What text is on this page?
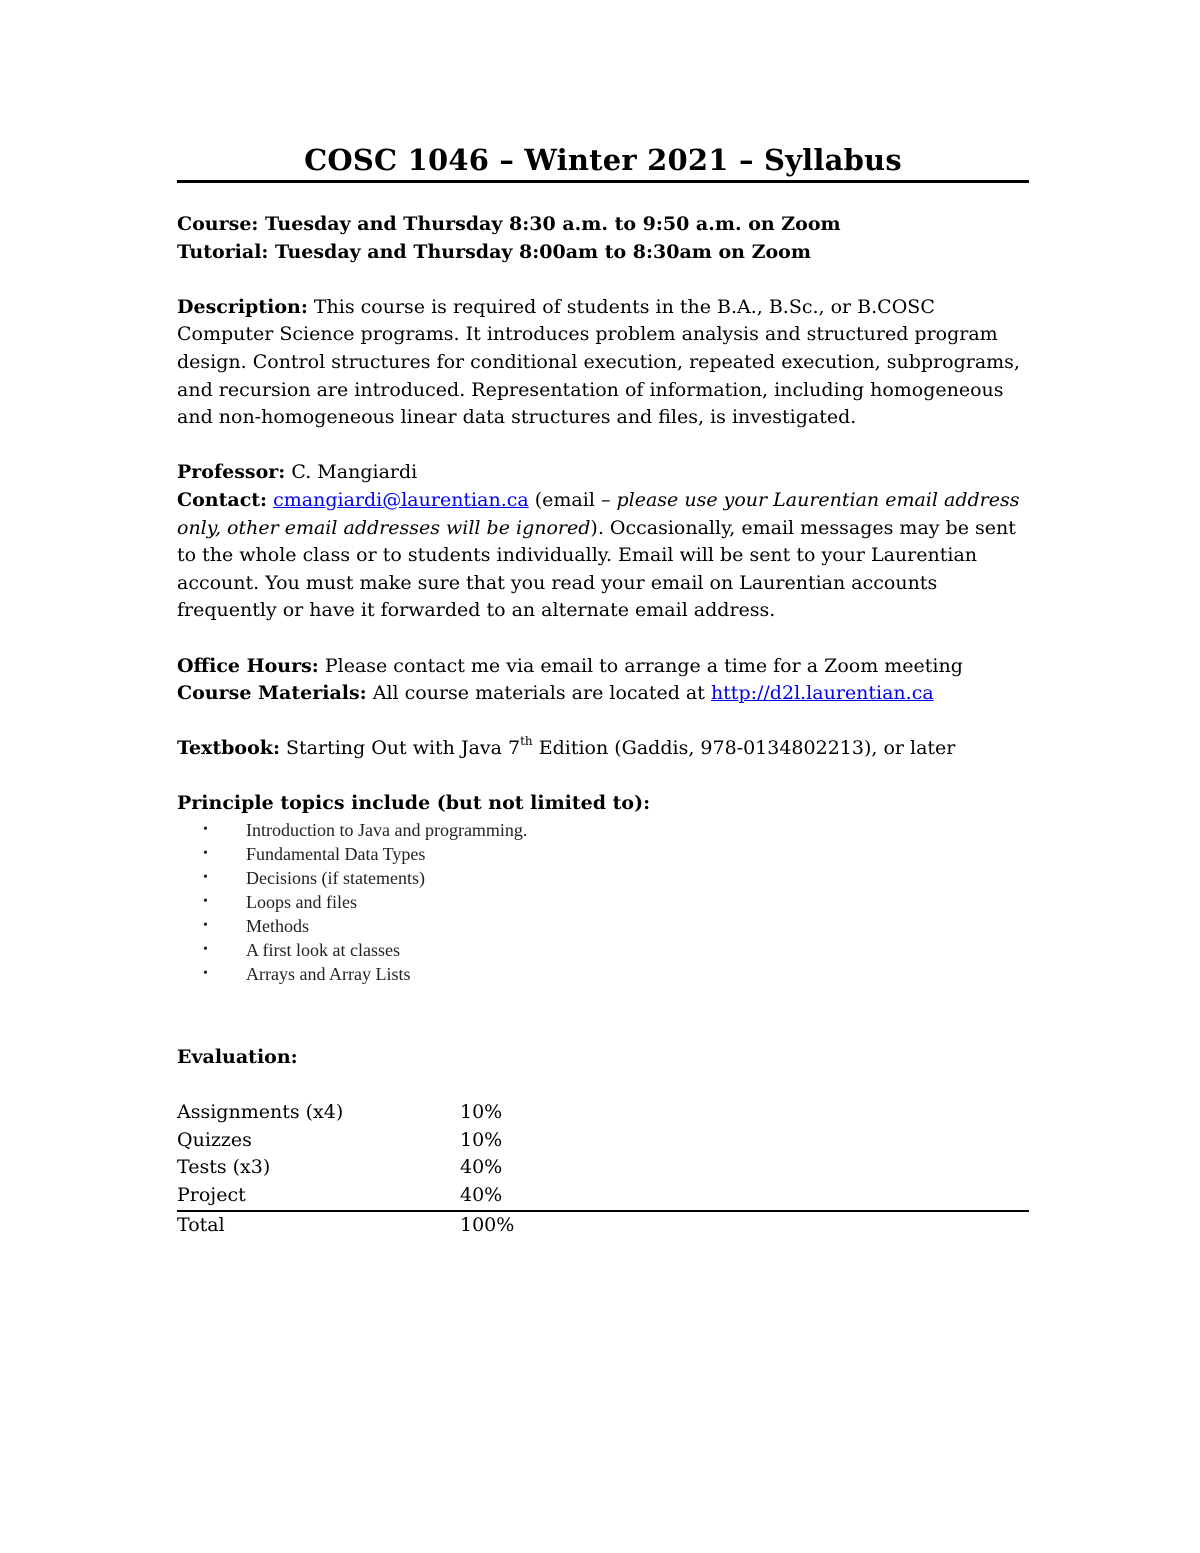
COSC 1046 – Winter 2021 – Syllabus

Course: Tuesday and Thursday 8:30 a.m. to 9:50 a.m. on Zoom

Tutorial: Tuesday and Thursday 8:00am to 8:30am on Zoom

Description: This course is required of students in the B.A., B.Sc., or B.COSC Computer Science programs. It introduces problem analysis and structured program design. Control structures for conditional execution, repeated execution, subprograms, and recursion are introduced. Representation of information, including homogeneous and non-homogeneous linear data structures and files, is investigated.

Professor: C. Mangiardi

Contact: cmangiardi@laurentian.ca (email – please use your Laurentian email address only, other email addresses will be ignored). Occasionally, email messages may be sent to the whole class or to students individually. Email will be sent to your Laurentian account. You must make sure that you read your email on Laurentian accounts frequently or have it forwarded to an alternate email address.

Office Hours: Please contact me via email to arrange a time for a Zoom meeting

Course Materials: All course materials are located at http://d2l.laurentian.ca

Textbook: Starting Out with Java 7th Edition (Gaddis, 978-0134802213), or later

Principle topics include (but not limited to):

• Introduction to Java and programming.
• Fundamental Data Types
• Decisions (if statements)
• Loops and files
• Methods
• A first look at classes
• Arrays and Array Lists

Evaluation:

Assignments (x4)	10%
Quizzes	10%
Tests (x3)	40%
Project	40%
Total	100%
